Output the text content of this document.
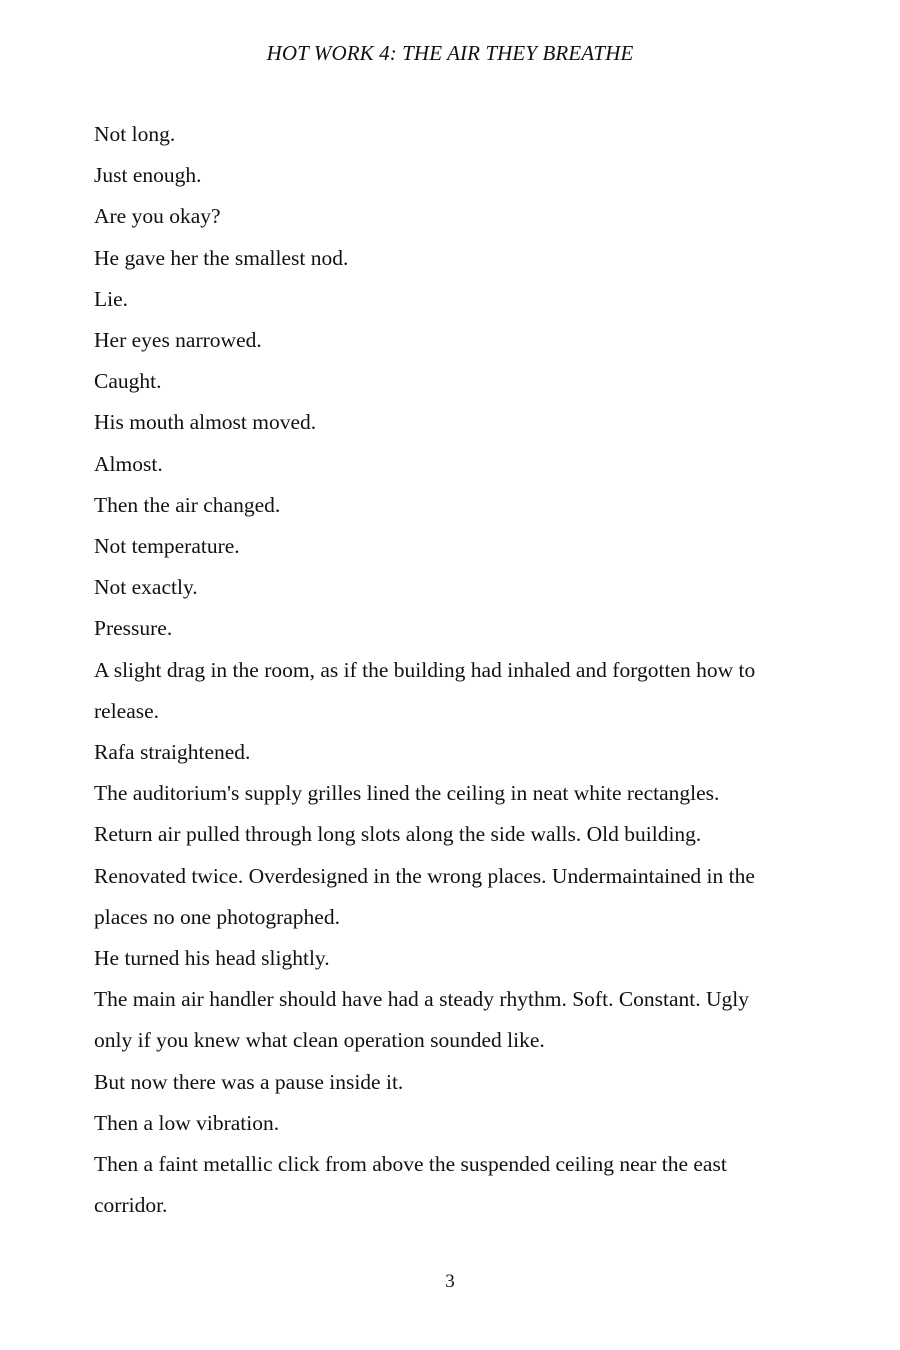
HOT WORK 4: THE AIR THEY BREATHE

Not long.

Just enough.

Are you okay?

He gave her the smallest nod.

Lie.

Her eyes narrowed.

Caught.

His mouth almost moved.

Almost.

Then the air changed.

Not temperature.

Not exactly.

Pressure.

A slight drag in the room, as if the building had inhaled and forgotten how to release.

Rafa straightened.

The auditorium's supply grilles lined the ceiling in neat white rectangles. Return air pulled through long slots along the side walls. Old building. Renovated twice. Overdesigned in the wrong places. Undermaintained in the places no one photographed.

He turned his head slightly.

The main air handler should have had a steady rhythm. Soft. Constant. Ugly only if you knew what clean operation sounded like.

But now there was a pause inside it.

Then a low vibration.

Then a faint metallic click from above the suspended ceiling near the east corridor.

3
